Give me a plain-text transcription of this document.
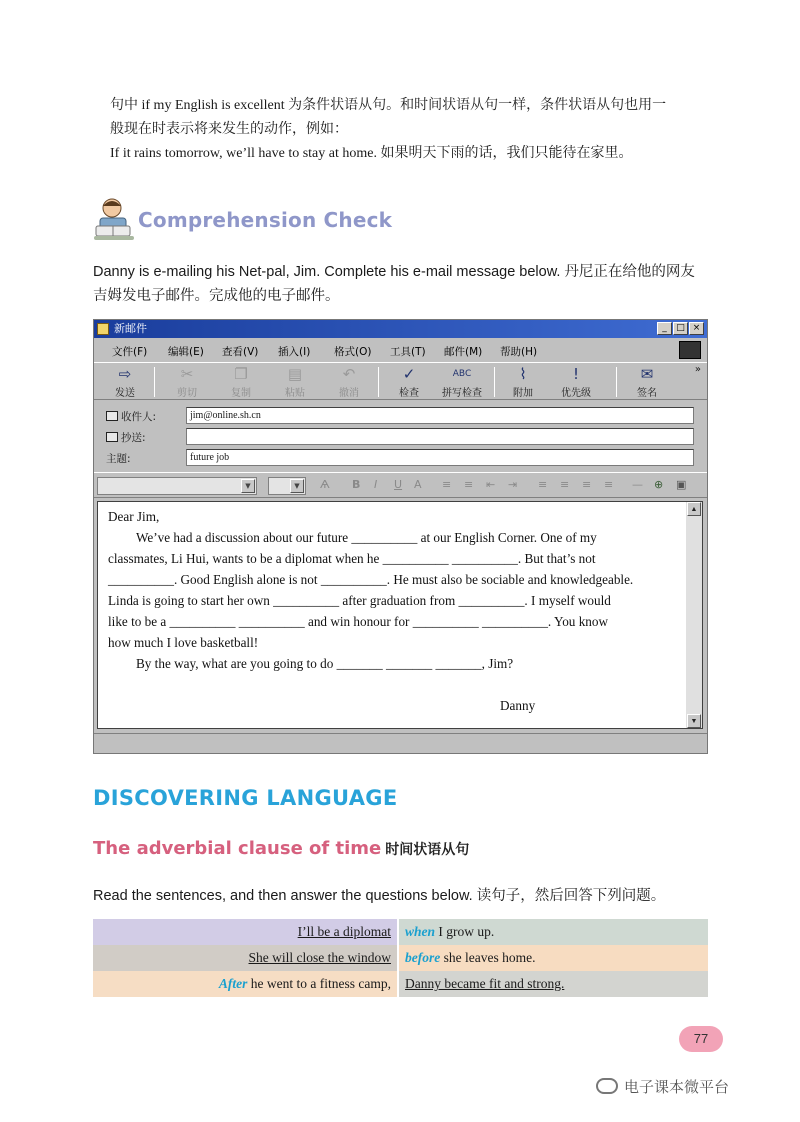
句中 if my English is excellent 为条件状语从句。和时间状语从句一样，条件状语从句也用一

般现在时表示将来发生的动作，例如：

If it rains tomorrow, we’ll have to stay at home. 如果明天下雨的话，我们只能待在家里。

Comprehension Check
Danny is e-mailing his Net-pal, Jim. Complete his e-mail message below. 丹尼正在给他的网友吉姆发电子邮件。完成他的电子邮件。
新邮件	_	□ ×
文件(F) 编辑(E) 查看(V) 插入(I) 格式(O) 工具(T) 邮件(M) 帮助(H)
⇨
发送
✂
剪切
❐
复制
▤
粘贴
↶
撤消
✓
检查
ABC
拼写检查
⌇
附加
!
优先级
✉
签名
»
收件人:	jim@online.sh.cn
抄送:
主题:	future job
▼	▼	Ѧ B I U A ≡ ≡ ⇤ ⇥ ≡ ≡ ≡ ≡ — ⊕ ▣

Dear Jim,

We’ve had a discussion about our future __________ at our English Corner. One of my

classmates, Li Hui, wants to be a diplomat when he __________ __________. But that’s not

__________. Good English alone is not __________. He must also be sociable and knowledgeable.

Linda is going to start her own __________ after graduation from __________. I myself would

like to be a __________ __________ and win honour for __________ __________. You know

how much I love basketball!

By the way, what are you going to do _______ _______ _______, Jim?

Danny
▲
▼
DISCOVERING LANGUAGE
The adverbial clause of time 时间状语从句
Read the sentences, and then answer the questions below. 读句子，然后回答下列问题。
I’ll be a diplomat	when I grow up.
She will close the window	before she leaves home.
After he went to a fitness camp,	Danny became fit and strong.
77
电子课本微平台
